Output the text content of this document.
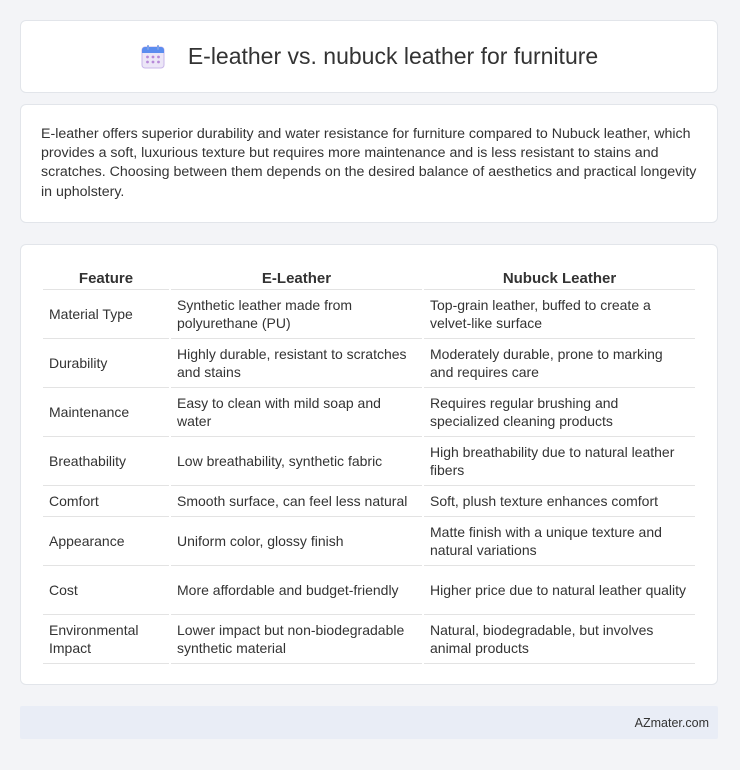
E-leather vs. nubuck leather for furniture

E-leather offers superior durability and water resistance for furniture compared to Nubuck leather, which provides a soft, luxurious texture but requires more maintenance and is less resistant to stains and scratches. Choosing between them depends on the desired balance of aesthetics and practical longevity in upholstery.

Feature	E-Leather	Nubuck Leather
Material Type	Synthetic leather made from polyurethane (PU)	Top-grain leather, buffed to create a velvet-like surface
Durability	Highly durable, resistant to scratches and stains	Moderately durable, prone to marking and requires care
Maintenance	Easy to clean with mild soap and water	Requires regular brushing and specialized cleaning products
Breathability	Low breathability, synthetic fabric	High breathability due to natural leather fibers
Comfort	Smooth surface, can feel less natural	Soft, plush texture enhances comfort
Appearance	Uniform color, glossy finish	Matte finish with a unique texture and natural variations
Cost	More affordable and budget-friendly	Higher price due to natural leather quality
Environmental Impact	Lower impact but non-biodegradable synthetic material	Natural, biodegradable, but involves animal products
AZmater.com
